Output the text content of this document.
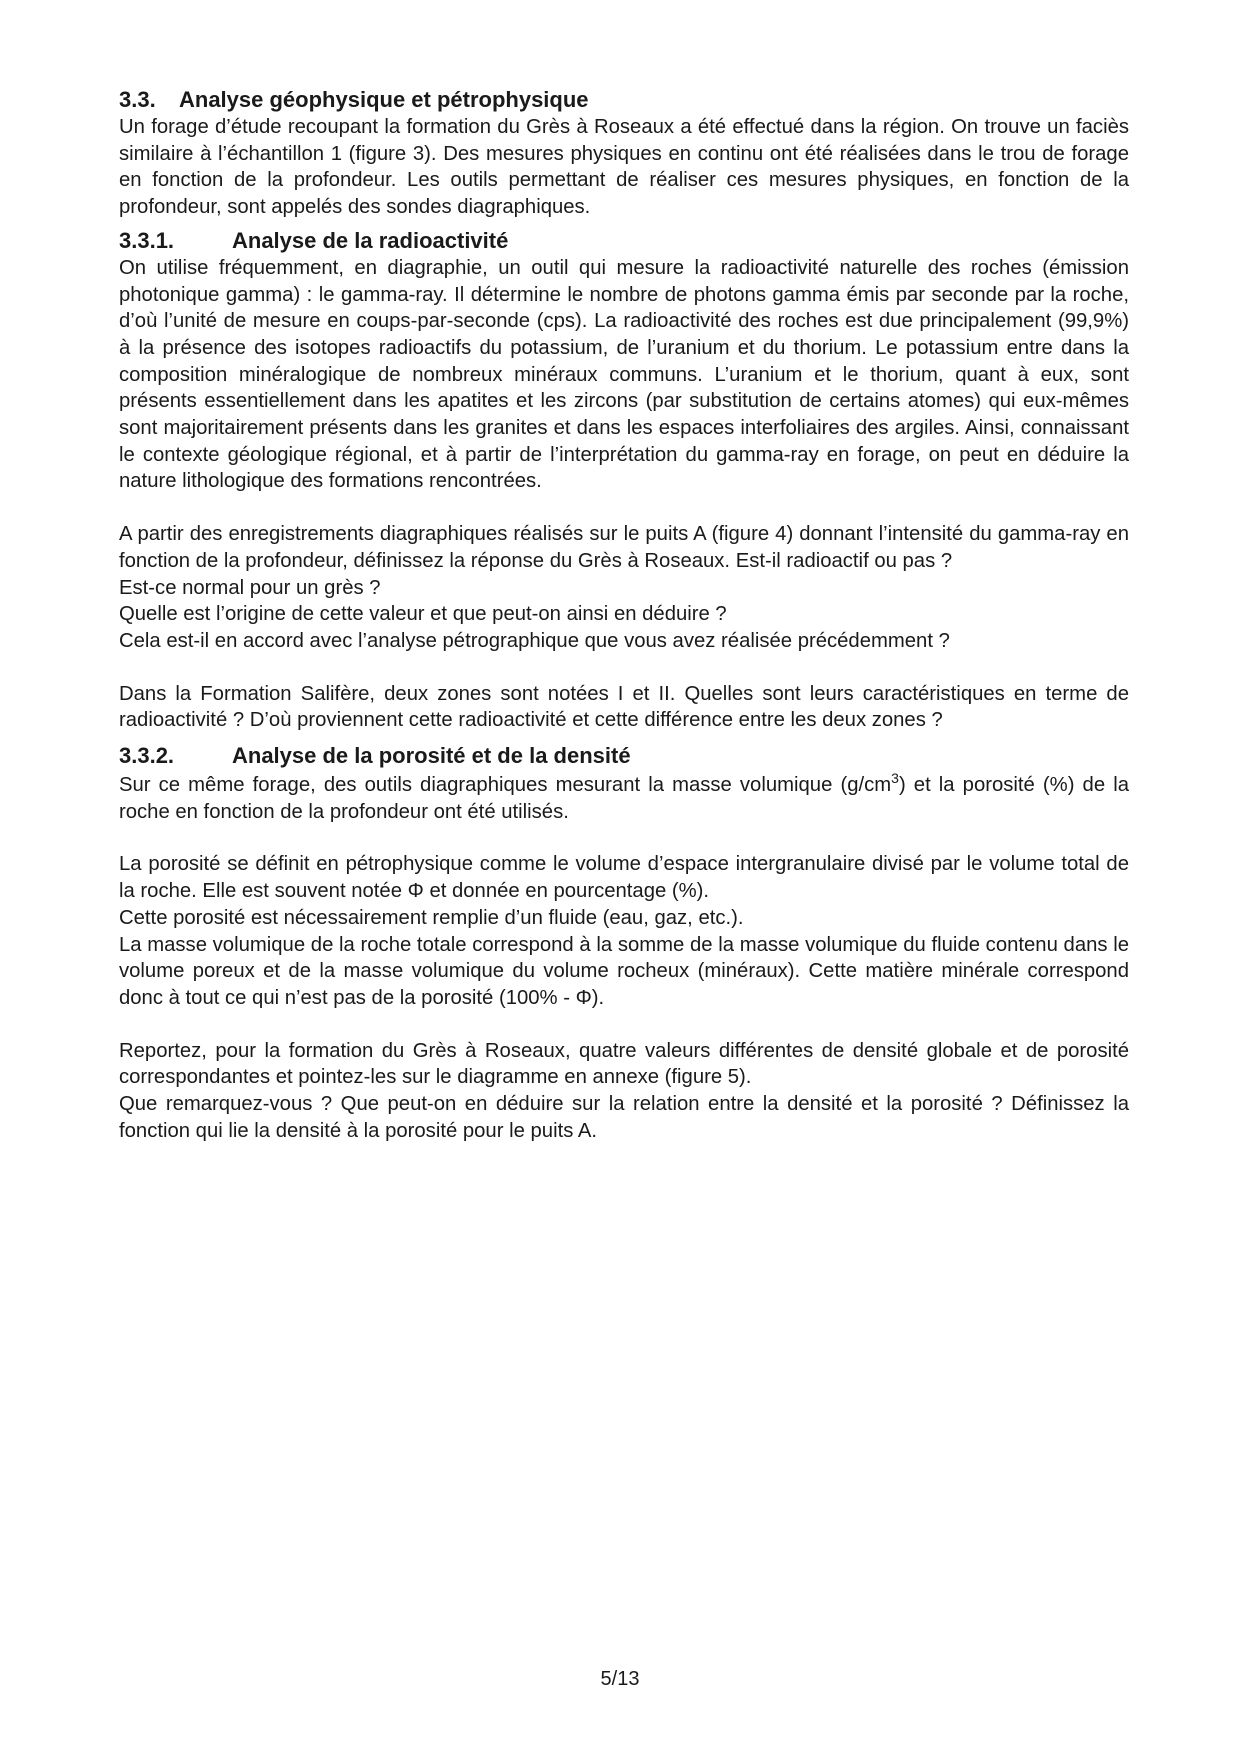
3.3. Analyse géophysique et pétrophysique

Un forage d’étude recoupant la formation du Grès à Roseaux a été effectué dans la région. On trouve un faciès similaire à l’échantillon 1 (figure 3). Des mesures physiques en continu ont été réalisées dans le trou de forage en fonction de la profondeur. Les outils permettant de réaliser ces mesures physiques, en fonction de la profondeur, sont appelés des sondes diagraphiques.

3.3.1.	Analyse de la radioactivité

On utilise fréquemment, en diagraphie, un outil qui mesure la radioactivité naturelle des roches (émission photonique gamma) : le gamma-ray. Il détermine le nombre de photons gamma émis par seconde par la roche, d’où l’unité de mesure en coups-par-seconde (cps). La radioactivité des roches est due principalement (99,9%) à la présence des isotopes radioactifs du potassium, de l’uranium et du thorium. Le potassium entre dans la composition minéralogique de nombreux minéraux communs. L’uranium et le thorium, quant à eux, sont présents essentiellement dans les apatites et les zircons (par substitution de certains atomes) qui eux-mêmes sont majoritairement présents dans les granites et dans les espaces interfoliaires des argiles. Ainsi, connaissant le contexte géologique régional, et à partir de l’interprétation du gamma-ray en forage, on peut en déduire la nature lithologique des formations rencontrées.

A partir des enregistrements diagraphiques réalisés sur le puits A (figure 4) donnant l’intensité du gamma-ray en fonction de la profondeur, définissez la réponse du Grès à Roseaux. Est-il radioactif ou pas ?

Est-ce normal pour un grès ?

Quelle est l’origine de cette valeur et que peut-on ainsi en déduire ?

Cela est-il en accord avec l’analyse pétrographique que vous avez réalisée précédemment ?

Dans la Formation Salifère, deux zones sont notées I et II. Quelles sont leurs caractéristiques en terme de radioactivité ? D’où proviennent cette radioactivité et cette différence entre les deux zones ?

3.3.2.	Analyse de la porosité et de la densité

Sur ce même forage, des outils diagraphiques mesurant la masse volumique $(g/cm^3)$ et la porosité (%) de la roche en fonction de la profondeur ont été utilisés.

La porosité se définit en pétrophysique comme le volume d’espace intergranulaire divisé par le volume total de la roche. Elle est souvent notée Φ et donnée en pourcentage (%).

Cette porosité est nécessairement remplie d’un fluide (eau, gaz, etc.).

La masse volumique de la roche totale correspond à la somme de la masse volumique du fluide contenu dans le volume poreux et de la masse volumique du volume rocheux (minéraux). Cette matière minérale correspond donc à tout ce qui n’est pas de la porosité (100% - Φ).

Reportez, pour la formation du Grès à Roseaux, quatre valeurs différentes de densité globale et de porosité correspondantes et pointez-les sur le diagramme en annexe (figure 5).

Que remarquez-vous ? Que peut-on en déduire sur la relation entre la densité et la porosité ? Définissez la fonction qui lie la densité à la porosité pour le puits A.

5/13
